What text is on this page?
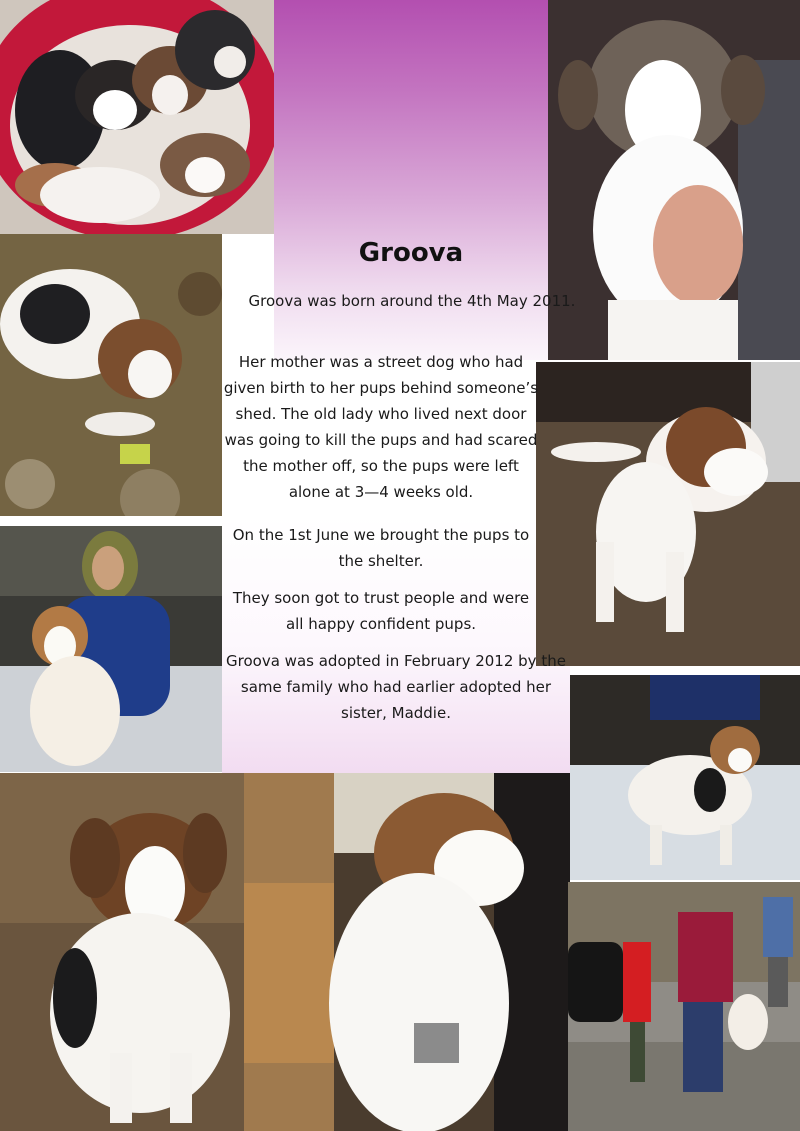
Groova

Groova was born around the 4th May 2011.

Her mother was a street dog who had given birth to her pups behind someone’s shed. The old lady who lived next door was going to kill the pups and had scared the mother off, so the pups were left alone at 3—4 weeks old.

On the 1st June we brought the pups to the shelter.

They soon got to trust people and were all happy confident pups.

Groova was adopted in February 2012 by the same family who had earlier adopted her sister, Maddie.
